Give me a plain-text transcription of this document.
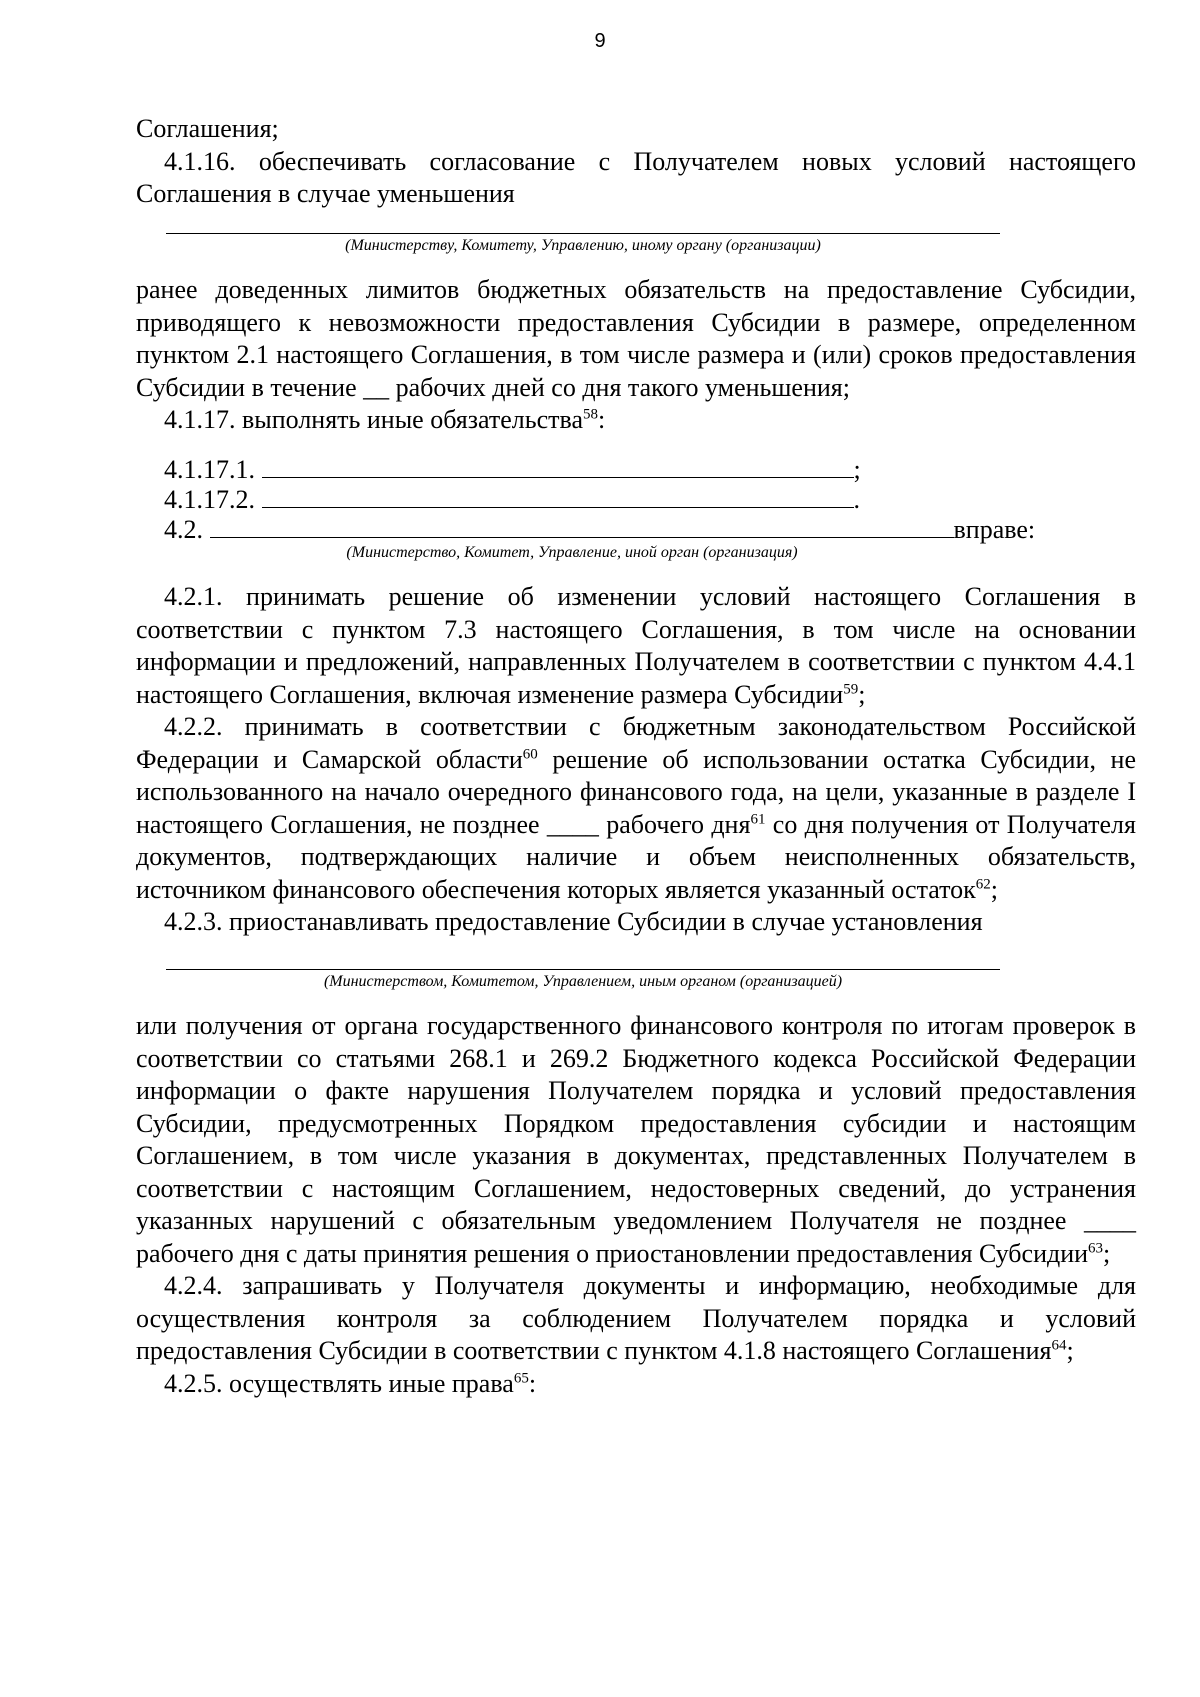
9

Соглашения;

4.1.16. обеспечивать согласование с Получателем новых условий настоящего
Соглашения в случае уменьшения

(Министерству, Комитету, Управлению, иному органу (организации)

ранее доведенных лимитов бюджетных обязательств на предоставление Субсидии, приводящего к невозможности предоставления Субсидии в размере, определенном пунктом 2.1 настоящего Соглашения, в том числе размера и (или) сроков предоставления Субсидии в течение __ рабочих дней со дня такого уменьшения;

4.1.17. выполнять иные обязательства$^{58}$:

4.1.17.1.	;
4.1.17.2.	.
4.2.	вправе:
(Министерство, Комитет, Управление, иной орган (организация)

4.2.1. принимать решение об изменении условий настоящего Соглашения в соответствии с пунктом 7.3 настоящего Соглашения, в том числе на основании информации и предложений, направленных Получателем в соответствии с пунктом 4.4.1 настоящего Соглашения, включая изменение размера Субсидии$^{59}$;

4.2.2. принимать в соответствии с бюджетным законодательством Российской Федерации и Самарской области$^{60}$ решение об использовании остатка Субсидии, не использованного на начало очередного финансового года, на цели, указанные в разделе I настоящего Соглашения, не позднее ____ рабочего дня$^{61}$ со дня получения от Получателя документов, подтверждающих наличие и объем неисполненных обязательств, источником финансового обеспечения которых является указанный остаток$^{62}$;

4.2.3. приостанавливать предоставление Субсидии в случае установления

(Министерством, Комитетом, Управлением, иным органом (организацией)

или получения от органа государственного финансового контроля по итогам проверок в соответствии со статьями 268.1 и 269.2 Бюджетного кодекса Российской Федерации информации о факте нарушения Получателем порядка и условий предоставления Субсидии, предусмотренных Порядком предоставления субсидии и настоящим Соглашением, в том числе указания в документах, представленных Получателем в соответствии с настоящим Соглашением, недостоверных сведений, до устранения указанных нарушений с обязательным уведомлением Получателя не позднее ____ рабочего дня с даты принятия решения о приостановлении предоставления Субсидии$^{63}$;

4.2.4. запрашивать у Получателя документы и информацию, необходимые для осуществления контроля за соблюдением Получателем порядка и условий предоставления Субсидии в соответствии с пунктом 4.1.8 настоящего Соглашения$^{64}$;

4.2.5. осуществлять иные права$^{65}$:
